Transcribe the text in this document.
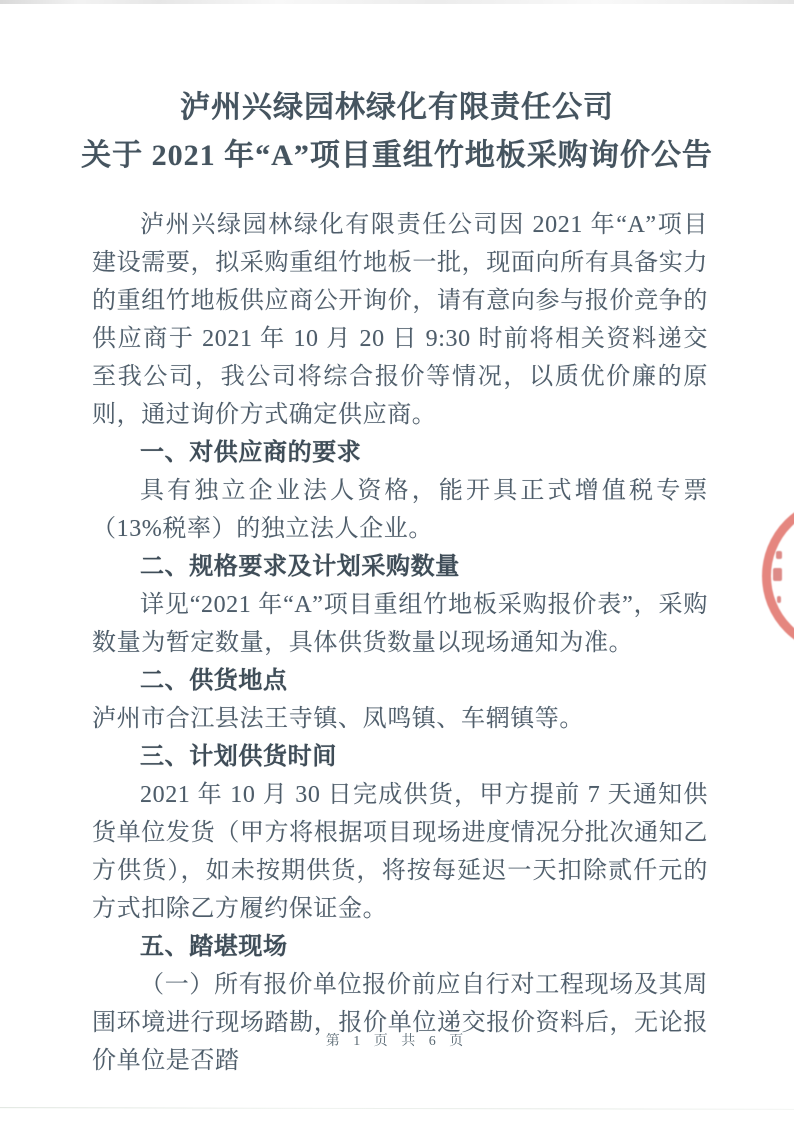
泸州兴绿园林绿化有限责任公司
关于 2021 年“A”项目重组竹地板采购询价公告

泸州兴绿园林绿化有限责任公司因 2021 年“A”项目建设需要，拟采购重组竹地板一批，现面向所有具备实力的重组竹地板供应商公开询价，请有意向参与报价竞争的供应商于 2021 年 10 月 20 日 9:30 时前将相关资料递交至我公司，我公司将综合报价等情况，以质优价廉的原则，通过询价方式确定供应商。

一、对供应商的要求

具有独立企业法人资格，能开具正式增值税专票（13%税率）的独立法人企业。

二、规格要求及计划采购数量

详见“2021 年“A”项目重组竹地板采购报价表”，采购数量为暂定数量，具体供货数量以现场通知为准。

二、供货地点

泸州市合江县法王寺镇、凤鸣镇、车辋镇等。

三、计划供货时间

2021 年 10 月 30 日完成供货，甲方提前 7 天通知供货单位发货（甲方将根据项目现场进度情况分批次通知乙方供货），如未按期供货，将按每延迟一天扣除贰仟元的方式扣除乙方履约保证金。

五、踏堪现场

（一）所有报价单位报价前应自行对工程现场及其周围环境进行现场踏勘，报价单位递交报价资料后，无论报价单位是否踏

第 1 页 共 6 页
